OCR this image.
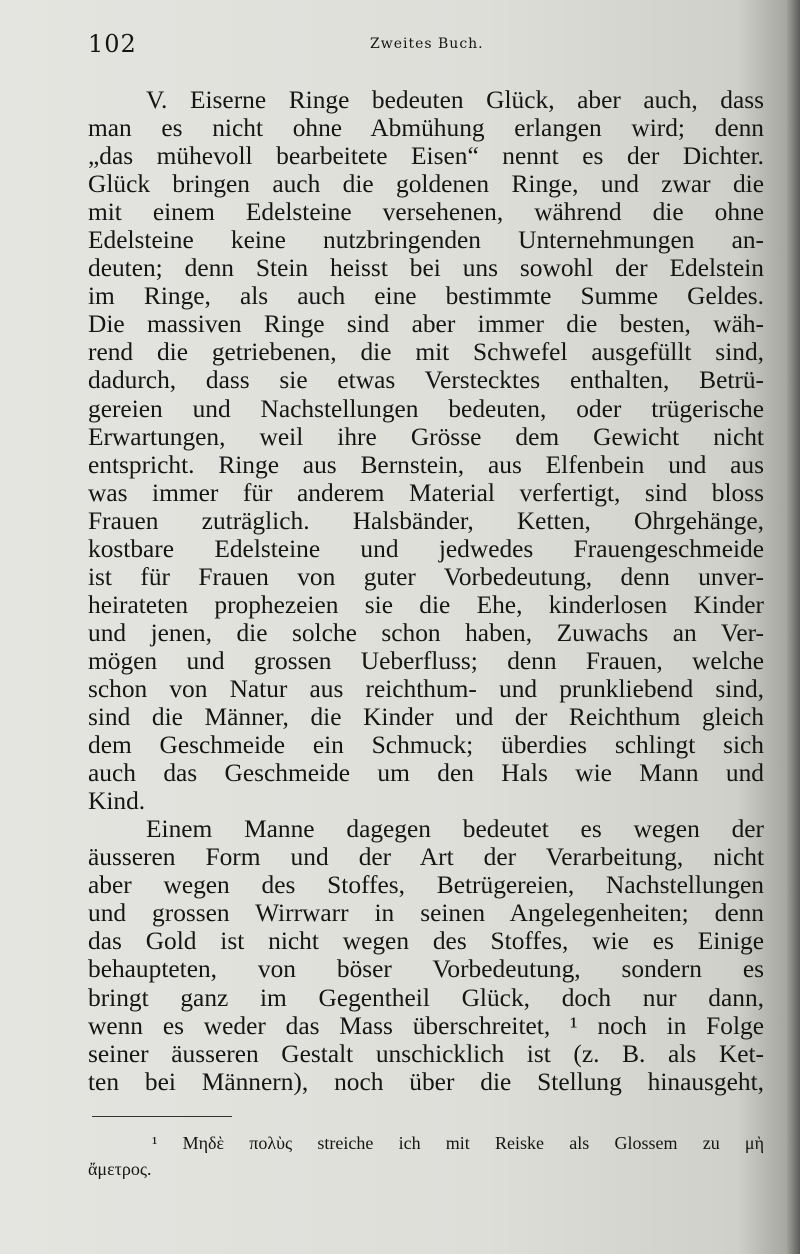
102	Zweites Buch.
V. Eiserne Ringe bedeuten Glück, aber auch, dass
man es nicht ohne Abmühung erlangen wird; denn
„das mühevoll bearbeitete Eisen“ nennt es der Dichter.
Glück bringen auch die goldenen Ringe, und zwar die
mit einem Edelsteine versehenen, während die ohne
Edelsteine keine nutzbringenden Unternehmungen an-
deuten; denn Stein heisst bei uns sowohl der Edelstein
im Ringe, als auch eine bestimmte Summe Geldes.
Die massiven Ringe sind aber immer die besten, wäh-
rend die getriebenen, die mit Schwefel ausgefüllt sind,
dadurch, dass sie etwas Verstecktes enthalten, Betrü-
gereien und Nachstellungen bedeuten, oder trügerische
Erwartungen, weil ihre Grösse dem Gewicht nicht
entspricht. Ringe aus Bernstein, aus Elfenbein und aus
was immer für anderem Material verfertigt, sind bloss
Frauen zuträglich. Halsbänder, Ketten, Ohrgehänge,
kostbare Edelsteine und jedwedes Frauengeschmeide
ist für Frauen von guter Vorbedeutung, denn unver-
heirateten prophezeien sie die Ehe, kinderlosen Kinder
und jenen, die solche schon haben, Zuwachs an Ver-
mögen und grossen Ueberfluss; denn Frauen, welche
schon von Natur aus reichthum- und prunkliebend sind,
sind die Männer, die Kinder und der Reichthum gleich
dem Geschmeide ein Schmuck; überdies schlingt sich
auch das Geschmeide um den Hals wie Mann und
Kind.
Einem Manne dagegen bedeutet es wegen der
äusseren Form und der Art der Verarbeitung, nicht
aber wegen des Stoffes, Betrügereien, Nachstellungen
und grossen Wirrwarr in seinen Angelegenheiten; denn
das Gold ist nicht wegen des Stoffes, wie es Einige
behaupteten, von böser Vorbedeutung, sondern es
bringt ganz im Gegentheil Glück, doch nur dann,
wenn es weder das Mass überschreitet, ¹ noch in Folge
seiner äusseren Gestalt unschicklich ist (z. B. als Ket-
ten bei Männern), noch über die Stellung hinausgeht,
¹ Μηδὲ πολὺς streiche ich mit Reiske als Glossem zu μὴ
ἄμετρος.
